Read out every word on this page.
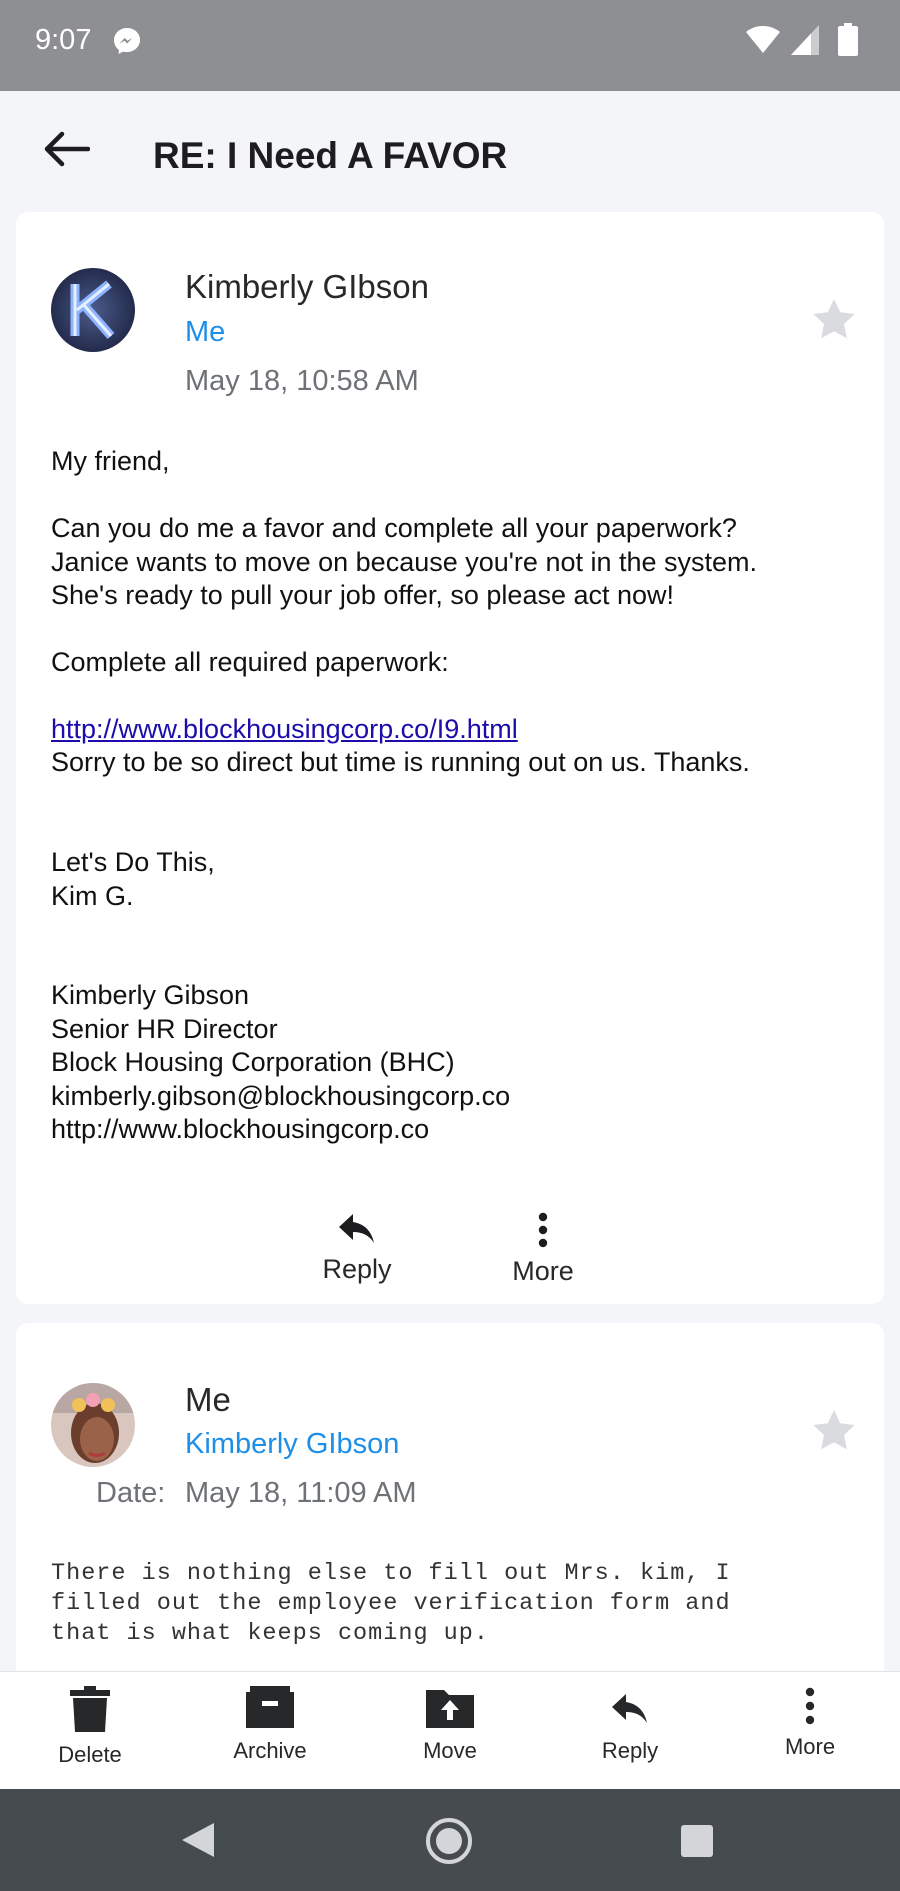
9:07
RE: I Need A FAVOR
Kimberly GIbson
Me
May 18, 10:58 AM
My friend,
Can you do me a favor and complete all your paperwork?
Janice wants to move on because you're not in the system.
She's ready to pull your job offer, so please act now!
Complete all required paperwork:

http://www.blockhousingcorp.co/I9.html

Sorry to be so direct but time is running out on us. Thanks.
Let's Do This,
Kim G.
Kimberly Gibson
Senior HR Director
Block Housing Corporation (BHC)
kimberly.gibson@blockhousingcorp.co
http://www.blockhousingcorp.co
Reply	More
Me
Kimberly GIbson
Date: May 18, 11:09 AM
There is nothing else to fill out Mrs. kim, I
filled out the employee verification form and
that is what keeps coming up.
Delete	Archive	Move	Reply	More
